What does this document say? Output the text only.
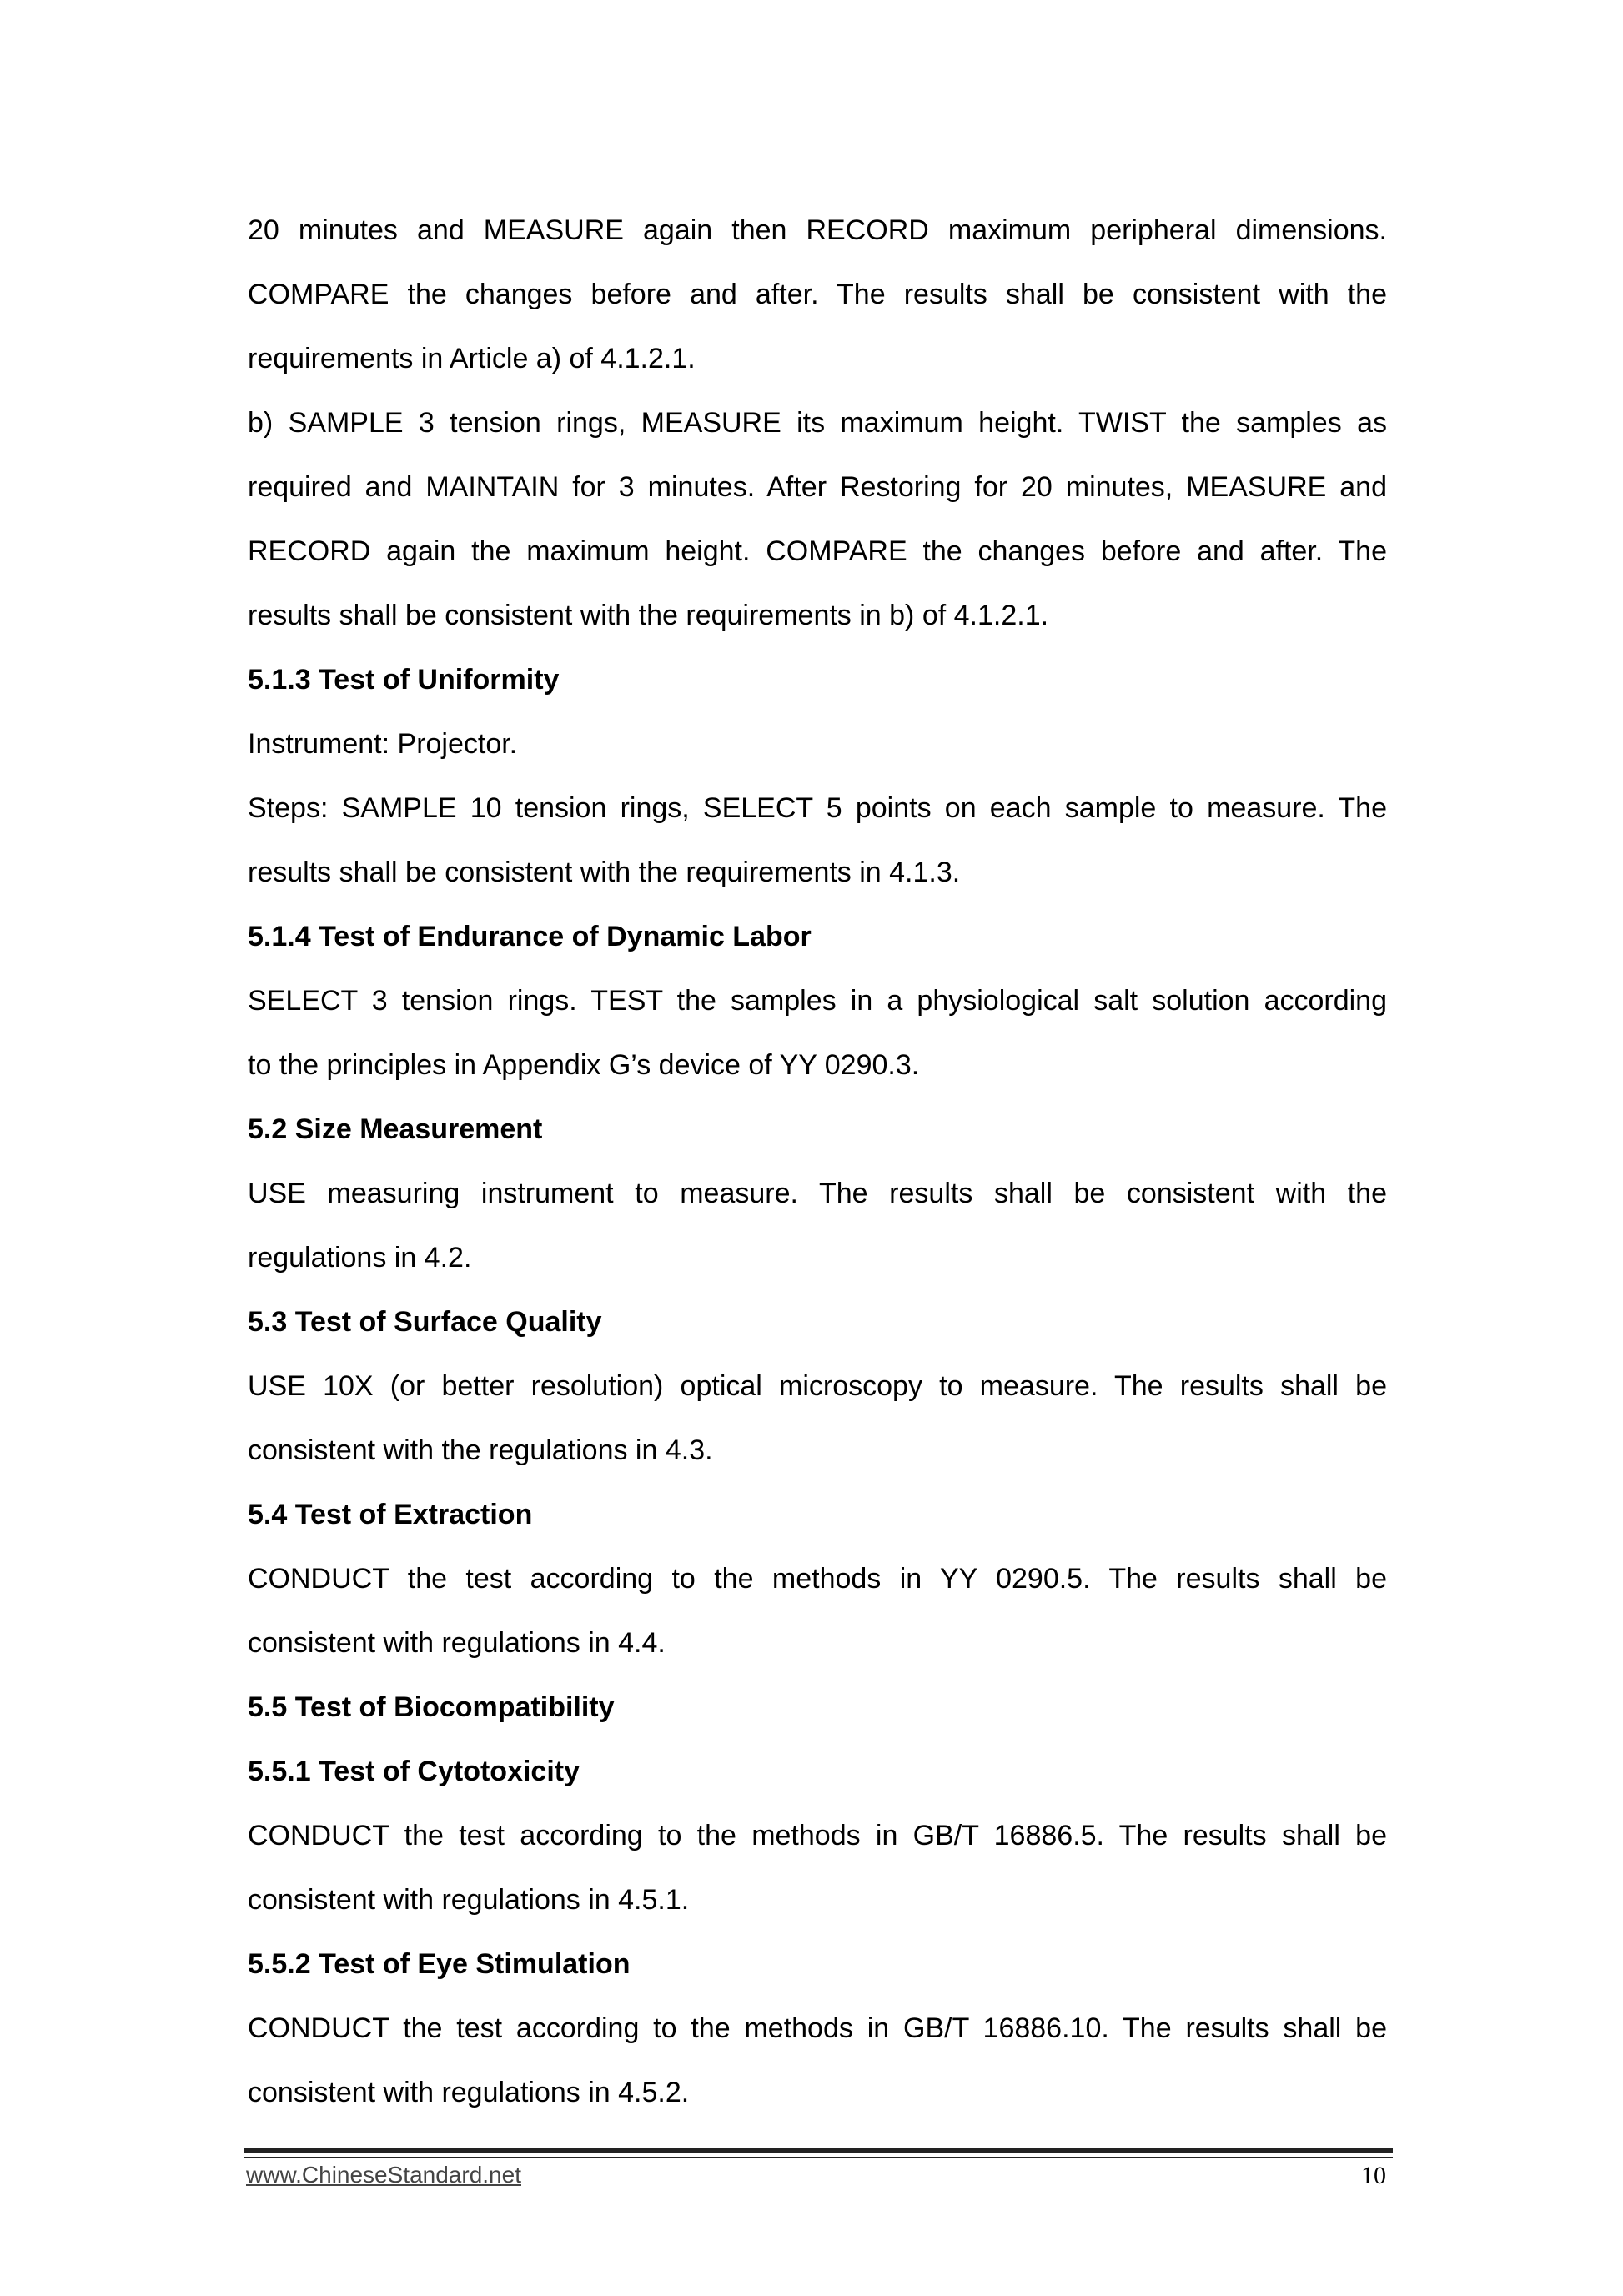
20 minutes and MEASURE again then RECORD maximum peripheral dimensions.
COMPARE the changes before and after. The results shall be consistent with the
requirements in Article a) of 4.1.2.1.
b) SAMPLE 3 tension rings, MEASURE its maximum height. TWIST the samples as
required and MAINTAIN for 3 minutes. After Restoring for 20 minutes, MEASURE and
RECORD again the maximum height. COMPARE the changes before and after. The
results shall be consistent with the requirements in b) of 4.1.2.1.
5.1.3 Test of Uniformity
Instrument: Projector.
Steps: SAMPLE 10 tension rings, SELECT 5 points on each sample to measure. The
results shall be consistent with the requirements in 4.1.3.
5.1.4 Test of Endurance of Dynamic Labor
SELECT 3 tension rings. TEST the samples in a physiological salt solution according
to the principles in Appendix G’s device of YY 0290.3.
5.2 Size Measurement
USE measuring instrument to measure. The results shall be consistent with the
regulations in 4.2.
5.3 Test of Surface Quality
USE 10X (or better resolution) optical microscopy to measure. The results shall be
consistent with the regulations in 4.3.
5.4 Test of Extraction
CONDUCT the test according to the methods in YY 0290.5. The results shall be
consistent with regulations in 4.4.
5.5 Test of Biocompatibility
5.5.1 Test of Cytotoxicity
CONDUCT the test according to the methods in GB/T 16886.5. The results shall be
consistent with regulations in 4.5.1.
5.5.2 Test of Eye Stimulation
CONDUCT the test according to the methods in GB/T 16886.10. The results shall be
consistent with regulations in 4.5.2.
www.ChineseStandard.net	10
